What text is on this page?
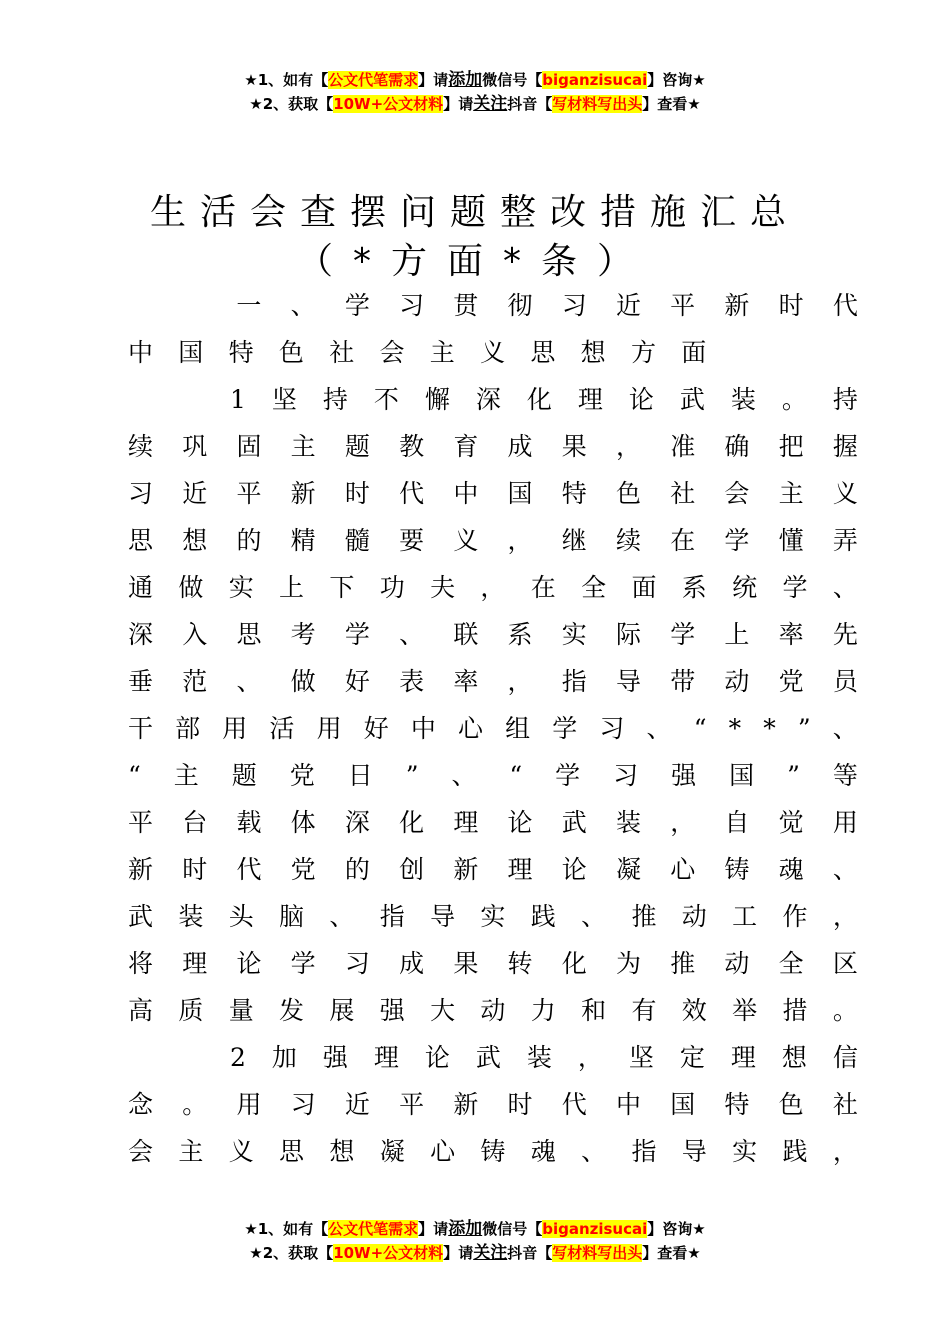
★1、如有【公文代笔需求】请添加微信号【biganzisucai】咨询★
★2、获取【10W+公文材料】请关注抖音【写材料写出头】查看★
生活会查摆问题整改措施汇总
（*方面*条）

一 、 学 习 贯 彻 习 近 平 新 时 代
中	国	特	色	社	会	主	义	思	想	方	面

1 坚 持 不 懈 深 化 理 论 武 装 。 持
续 巩 固 主 题 教 育 成 果 ， 准 确 把 握
习 近 平 新 时 代 中 国 特 色 社 会 主 义
思 想 的 精 髓 要 义 ， 继 续 在 学 懂 弄
通 做 实 上 下 功 夫 ， 在 全 面 系 统 学 、
深 入 思 考 学 、 联 系 实 际 学 上 率 先
垂 范 、 做 好 表 率 ， 指 导 带 动 党 员
干 部 用 活 用 好 中 心 组 学 习 、 “ * * ” 、
“ 主 题 党 日 ” 、 “ 学 习 强 国 ” 等
平 台 载 体 深 化 理 论 武 装 ， 自 觉 用
新 时 代 党 的 创 新 理 论 凝 心 铸 魂 、
武 装 头 脑 、 指 导 实 践 、 推 动 工 作 ，
将 理 论 学 习 成 果 转 化 为 推 动 全 区
高 质 量 发 展 强 大 动 力 和 有 效 举 措 。

2 加 强 理 论 武 装 ， 坚 定 理 想 信
念 。 用 习 近 平 新 时 代 中 国 特 色 社
会 主 义 思 想 凝 心 铸 魂 、 指 导 实 践 ，
★1、如有【公文代笔需求】请添加微信号【biganzisucai】咨询★
★2、获取【10W+公文材料】请关注抖音【写材料写出头】查看★
